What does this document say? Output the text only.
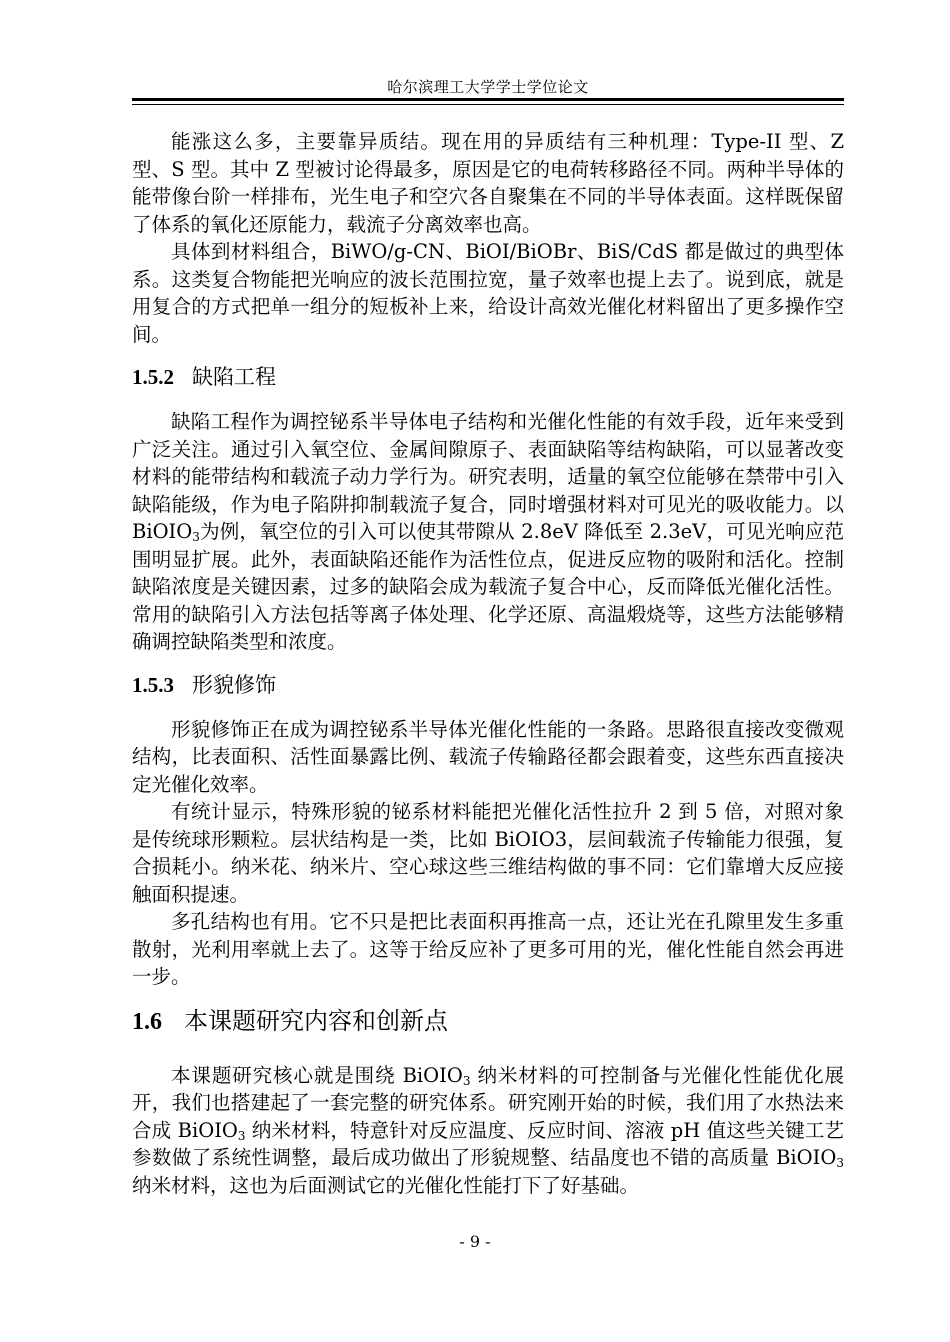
哈尔滨理工大学学士学位论文

能涨这么多，主要靠异质结。现在用的异质结有三种机理：Type-II 型、Z 型、S 型。其中 Z 型被讨论得最多，原因是它的电荷转移路径不同。两种半导体的能带像台阶一样排布，光生电子和空穴各自聚集在不同的半导体表面。这样既保留了体系的氧化还原能力，载流子分离效率也高。

具体到材料组合，BiWO/g-CN、BiOI/BiOBr、BiS/CdS 都是做过的典型体系。这类复合物能把光响应的波长范围拉宽，量子效率也提上去了。说到底，就是用复合的方式把单一组分的短板补上来，给设计高效光催化材料留出了更多操作空间。

1.5.2 缺陷工程

缺陷工程作为调控铋系半导体电子结构和光催化性能的有效手段，近年来受到广泛关注。通过引入氧空位、金属间隙原子、表面缺陷等结构缺陷，可以显著改变材料的能带结构和载流子动力学行为。研究表明，适量的氧空位能够在禁带中引入缺陷能级，作为电子陷阱抑制载流子复合，同时增强材料对可见光的吸收能力。以 BiOIO$_3$为例，氧空位的引入可以使其带隙从 2.8eV 降低至 2.3eV，可见光响应范围明显扩展。此外，表面缺陷还能作为活性位点，促进反应物的吸附和活化。控制缺陷浓度是关键因素，过多的缺陷会成为载流子复合中心，反而降低光催化活性。常用的缺陷引入方法包括等离子体处理、化学还原、高温煅烧等，这些方法能够精确调控缺陷类型和浓度。

1.5.3 形貌修饰

形貌修饰正在成为调控铋系半导体光催化性能的一条路。思路很直接改变微观结构，比表面积、活性面暴露比例、载流子传输路径都会跟着变，这些东西直接决定光催化效率。

有统计显示，特殊形貌的铋系材料能把光催化活性拉升 2 到 5 倍，对照对象是传统球形颗粒。层状结构是一类，比如 BiOIO3，层间载流子传输能力很强，复合损耗小。纳米花、纳米片、空心球这些三维结构做的事不同：它们靠增大反应接触面积提速。

多孔结构也有用。它不只是把比表面积再推高一点，还让光在孔隙里发生多重散射，光利用率就上去了。这等于给反应补了更多可用的光，催化性能自然会再进一步。

1.6 本课题研究内容和创新点

本课题研究核心就是围绕 BiOIO$_3$ 纳米材料的可控制备与光催化性能优化展开，我们也搭建起了一套完整的研究体系。研究刚开始的时候，我们用了水热法来合成 BiOIO$_3$ 纳米材料，特意针对反应温度、反应时间、溶液 pH 值这些关键工艺参数做了系统性调整，最后成功做出了形貌规整、结晶度也不错的高质量 BiOIO$_3$ 纳米材料，这也为后面测试它的光催化性能打下了好基础。

- 9 -
